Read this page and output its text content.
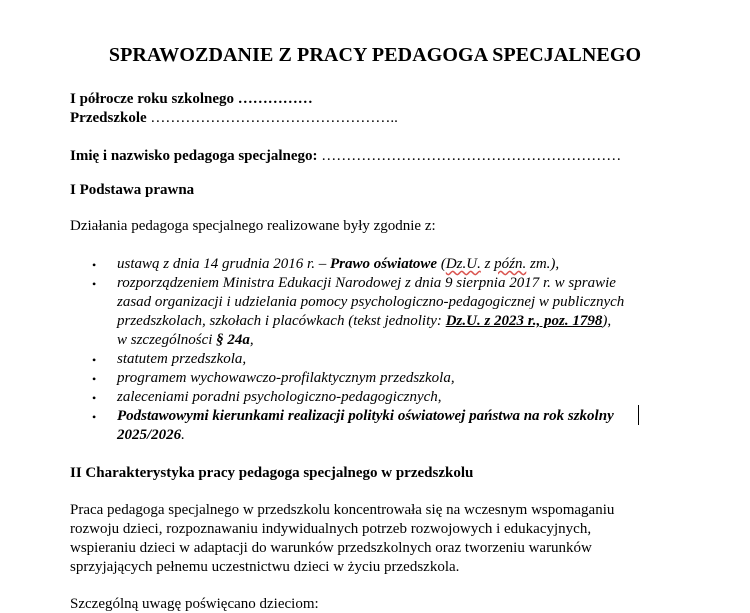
SPRAWOZDANIE Z PRACY PEDAGOGA SPECJALNEGO
I półrocze roku szkolnego ……………
Przedszkole …………………………………………..
Imię i nazwisko pedagoga specjalnego: ……………………………………………………
I Podstawa prawna
Działania pedagoga specjalnego realizowane były zgodnie z:
• ustawą z dnia 14 grudnia 2016 r. – Prawo oświatowe (Dz.U. z późn. zm.),
• rozporządzeniem Ministra Edukacji Narodowej z dnia 9 sierpnia 2017 r. w sprawie
zasad organizacji i udzielania pomocy psychologiczno-pedagogicznej w publicznych
przedszkolach, szkołach i placówkach (tekst jednolity: Dz.U. z 2023 r., poz. 1798),
w szczególności § 24a,
• statutem przedszkola,
• programem wychowawczo-profilaktycznym przedszkola,
• zaleceniami poradni psychologiczno-pedagogicznych,
• Podstawowymi kierunkami realizacji polityki oświatowej państwa na rok szkolny
2025/2026.
II Charakterystyka pracy pedagoga specjalnego w przedszkolu
Praca pedagoga specjalnego w przedszkolu koncentrowała się na wczesnym wspomaganiu
rozwoju dzieci, rozpoznawaniu indywidualnych potrzeb rozwojowych i edukacyjnych,
wspieraniu dzieci w adaptacji do warunków przedszkolnych oraz tworzeniu warunków
sprzyjających pełnemu uczestnictwu dzieci w życiu przedszkola.
Szczególną uwagę poświęcano dzieciom:
